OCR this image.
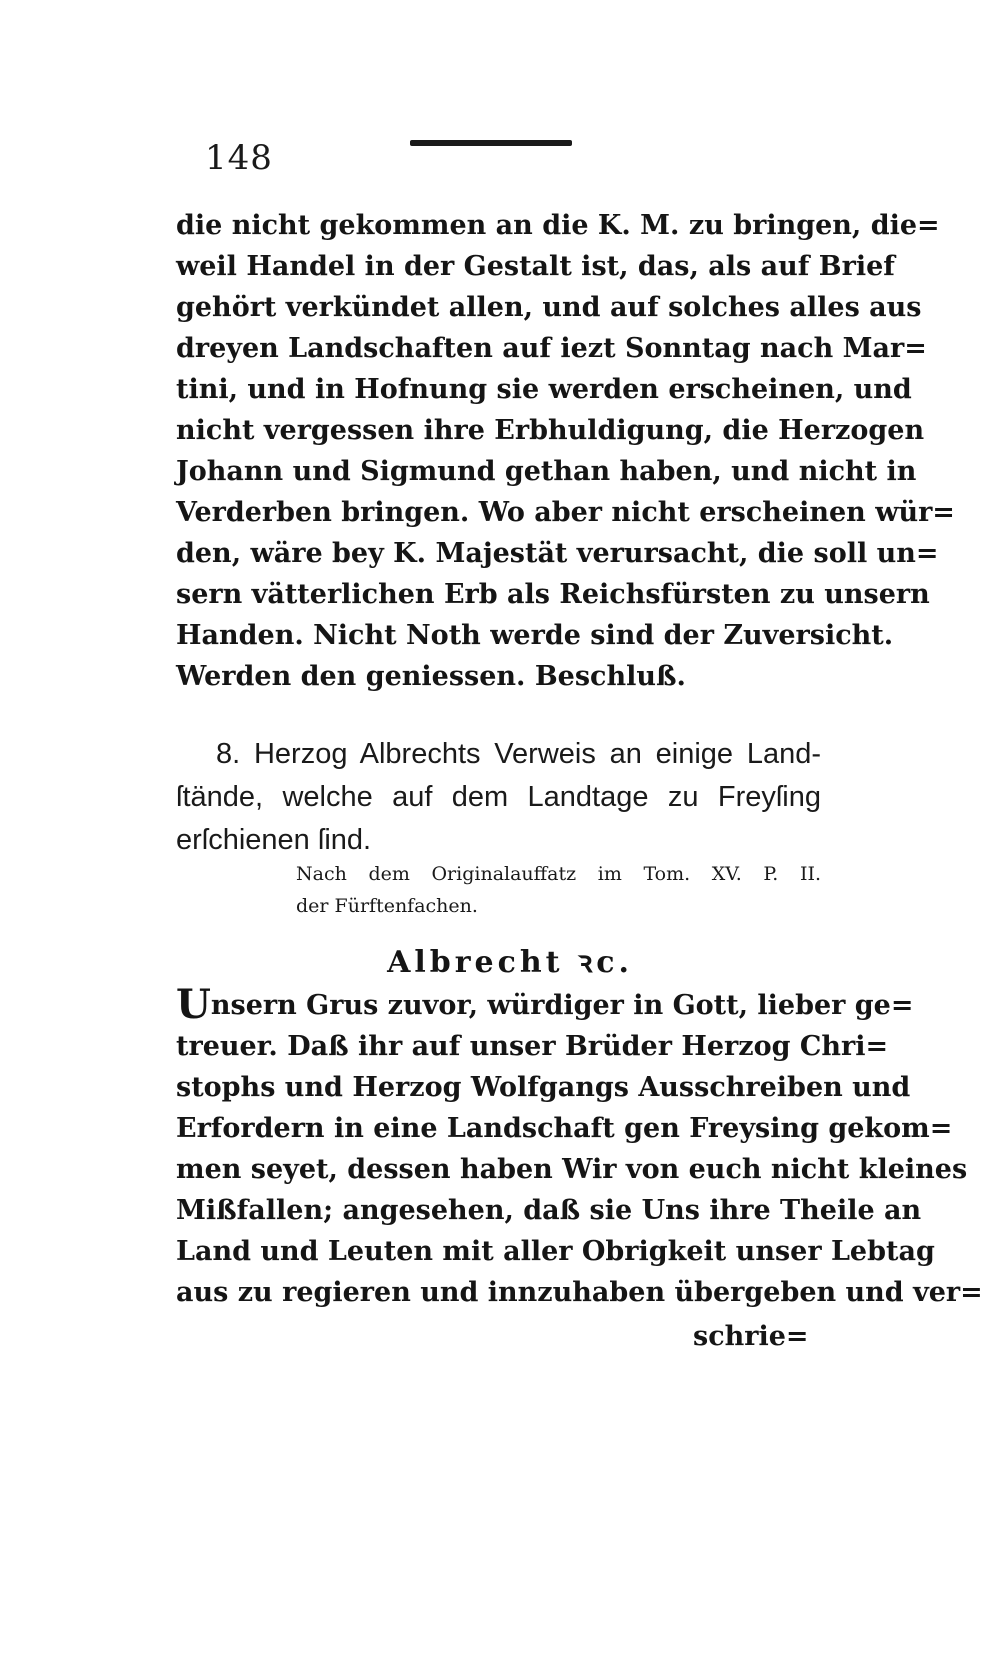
148
die nicht gekommen an die K. M. zu bringen, die=
weil Handel in der Gestalt ist, das, als auf Brief
gehört verkündet allen, und auf solches alles aus
dreyen Landschaften auf iezt Sonntag nach Mar=
tini, und in Hofnung sie werden erscheinen, und
nicht vergessen ihre Erbhuldigung, die Herzogen
Johann und Sigmund gethan haben, und nicht in
Verderben bringen. Wo aber nicht erscheinen wür=
den, wäre bey K. Majestät verursacht, die soll un=
sern vätterlichen Erb als Reichsfürsten zu unsern
Handen. Nicht Noth werde sind der Zuversicht.
Werden den geniessen. Beschluß.
8. Herzog Albrechts Verweis an einige Land-
ſtände, welche auf dem Landtage zu Freyſing
erſchienen ſind.
Nach dem Originalauffatz im Tom. XV. P. II.
der Fürftenfachen.
Albrecht ꝛc.
Unsern Grus zuvor, würdiger in Gott, lieber ge=
treuer. Daß ihr auf unser Brüder Herzog Chri=
stophs und Herzog Wolfgangs Ausschreiben und
Erfordern in eine Landschaft gen Freysing gekom=
men seyet, dessen haben Wir von euch nicht kleines
Mißfallen; angesehen, daß sie Uns ihre Theile an
Land und Leuten mit aller Obrigkeit unser Lebtag
aus zu regieren und innzuhaben übergeben und ver=
schrie=
